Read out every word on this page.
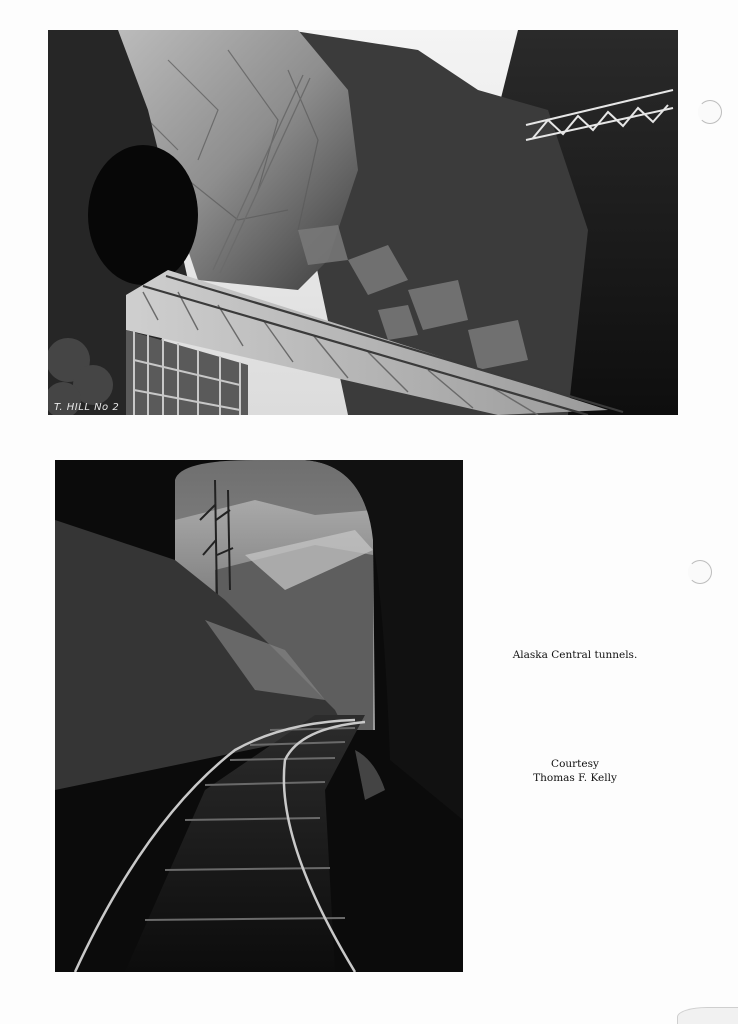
T. HILL No 2
Alaska Central tunnels.
Courtesy
Thomas F. Kelly
